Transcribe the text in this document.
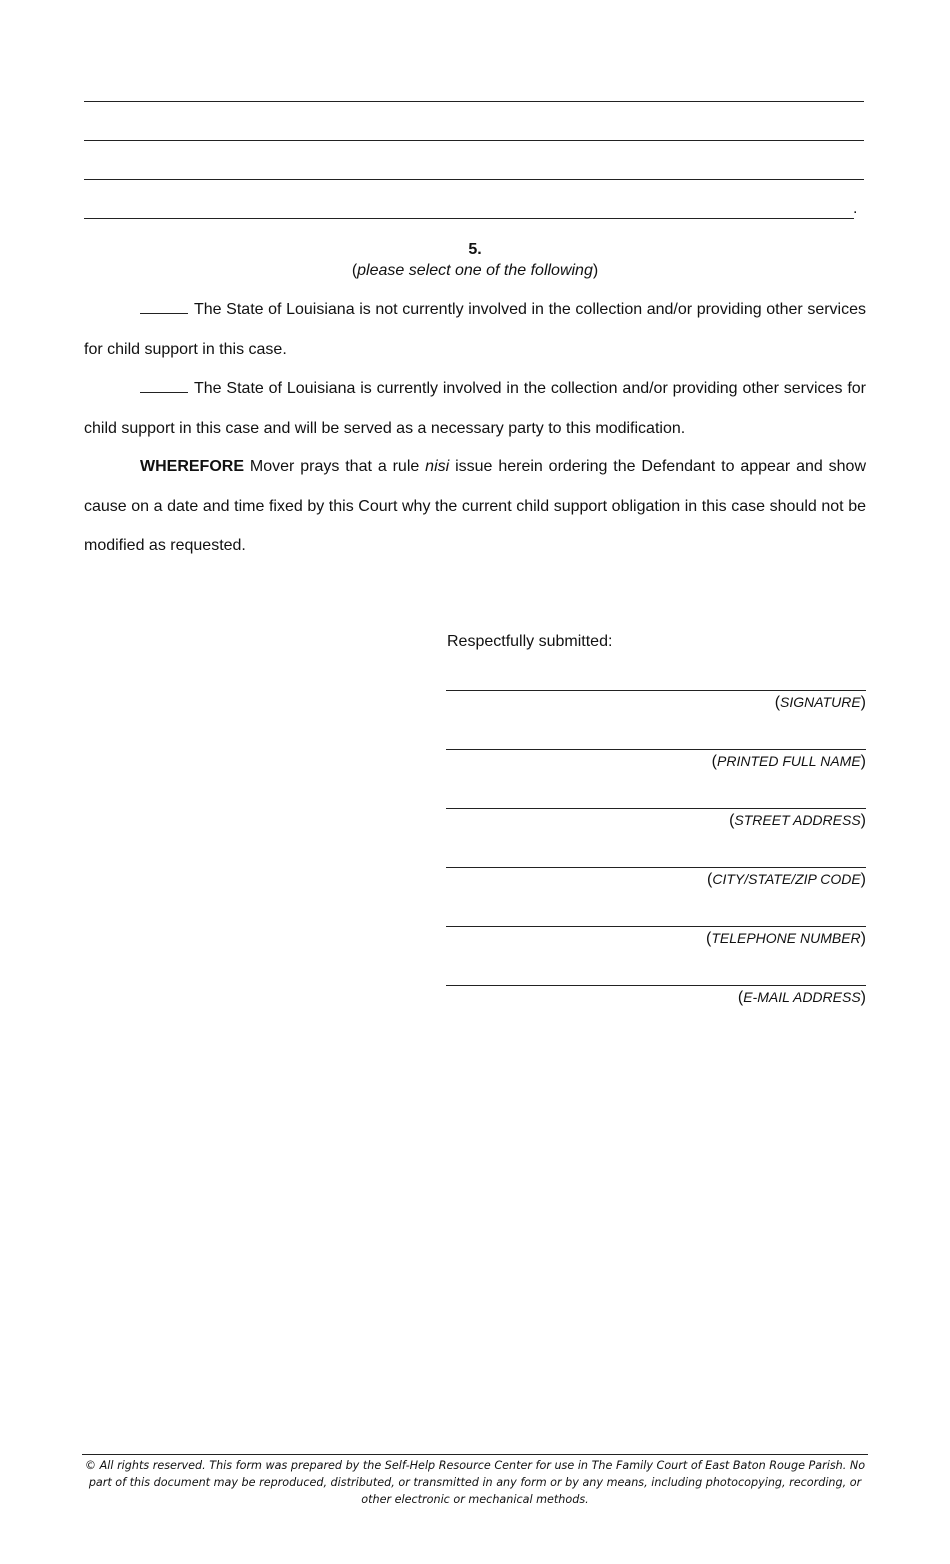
.
5.
(please select one of the following)

The State of Louisiana is not currently involved in the collection and/or providing other services for child support in this case.

The State of Louisiana is currently involved in the collection and/or providing other services for child support in this case and will be served as a necessary party to this modification.

WHEREFORE Mover prays that a rule nisi issue herein ordering the Defendant to appear and show cause on a date and time fixed by this Court why the current child support obligation in this case should not be modified as requested.

Respectfully submitted:
(SIGNATURE)
(PRINTED FULL NAME)
(STREET ADDRESS)
(CITY/STATE/ZIP CODE)
(TELEPHONE NUMBER)
(E-MAIL ADDRESS)
© All rights reserved. This form was prepared by the Self-Help Resource Center for use in The Family Court of East Baton Rouge Parish. No part of this document may be reproduced, distributed, or transmitted in any form or by any means, including photocopying, recording, or other electronic or mechanical methods.
